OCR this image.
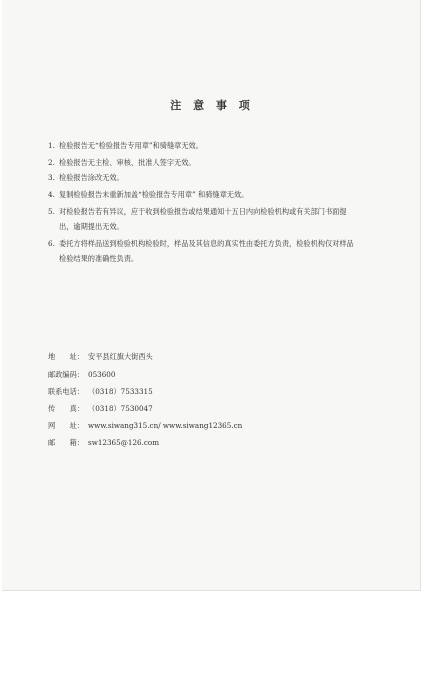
注 意 事 项
1. 检验报告无“检验报告专用章”和骑缝章无效。
2. 检验报告无主检、审核、批准人签字无效。
3. 检验报告涂改无效。
4. 复制检验报告未重新加盖“检验报告专用章” 和骑缝章无效。
5. 对检验报告若有异议，应于收到检验报告或结果通知十五日内向检验机构或有关部门书面提出，逾期提出无效。
6. 委托方将样品送到检验机构检验时，样品及其信息的真实性由委托方负责，检验机构仅对样品检验结果的准确性负责。
地　　址： 安平县红旗大街西头
邮政编码： 053600
联系电话： （0318）7533315
传　　真： （0318）7530047
网　　址： www.siwang315.cn/ www.siwang12365.cn
邮　　箱： sw12365@126.com
